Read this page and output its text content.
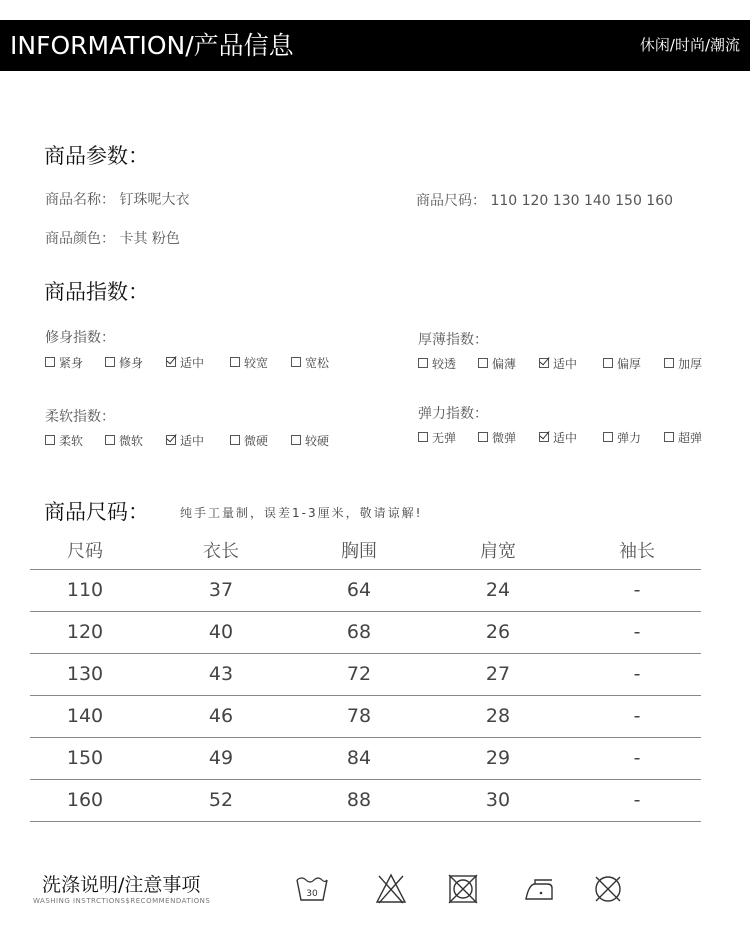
INFORMATION/产品信息	休闲/时尚/潮流
商品参数：
商品名称： 钉珠呢大衣	商品尺码： 110 120 130 140 150 160
商品颜色： 卡其 粉色
商品指数：
修身指数：
紧身	修身	适中	较宽	宽松
厚薄指数：
较透	偏薄	适中	偏厚	加厚
柔软指数：
柔软	微软	适中	微硬	较硬
弹力指数：
无弹	微弹	适中	弹力	超弹
商品尺码：	纯手工量制，误差1-3厘米，敬请谅解!
尺码	衣长	胸围	肩宽	袖长
110	37	64	24	-
120	40	68	26	-
130	43	72	27	-
140	46	78	28	-
150	49	84	29	-
160	52	88	30	-
洗涤说明/注意事项
WASHING INSTRCTIONS$RECOMMENDATIONS
30
